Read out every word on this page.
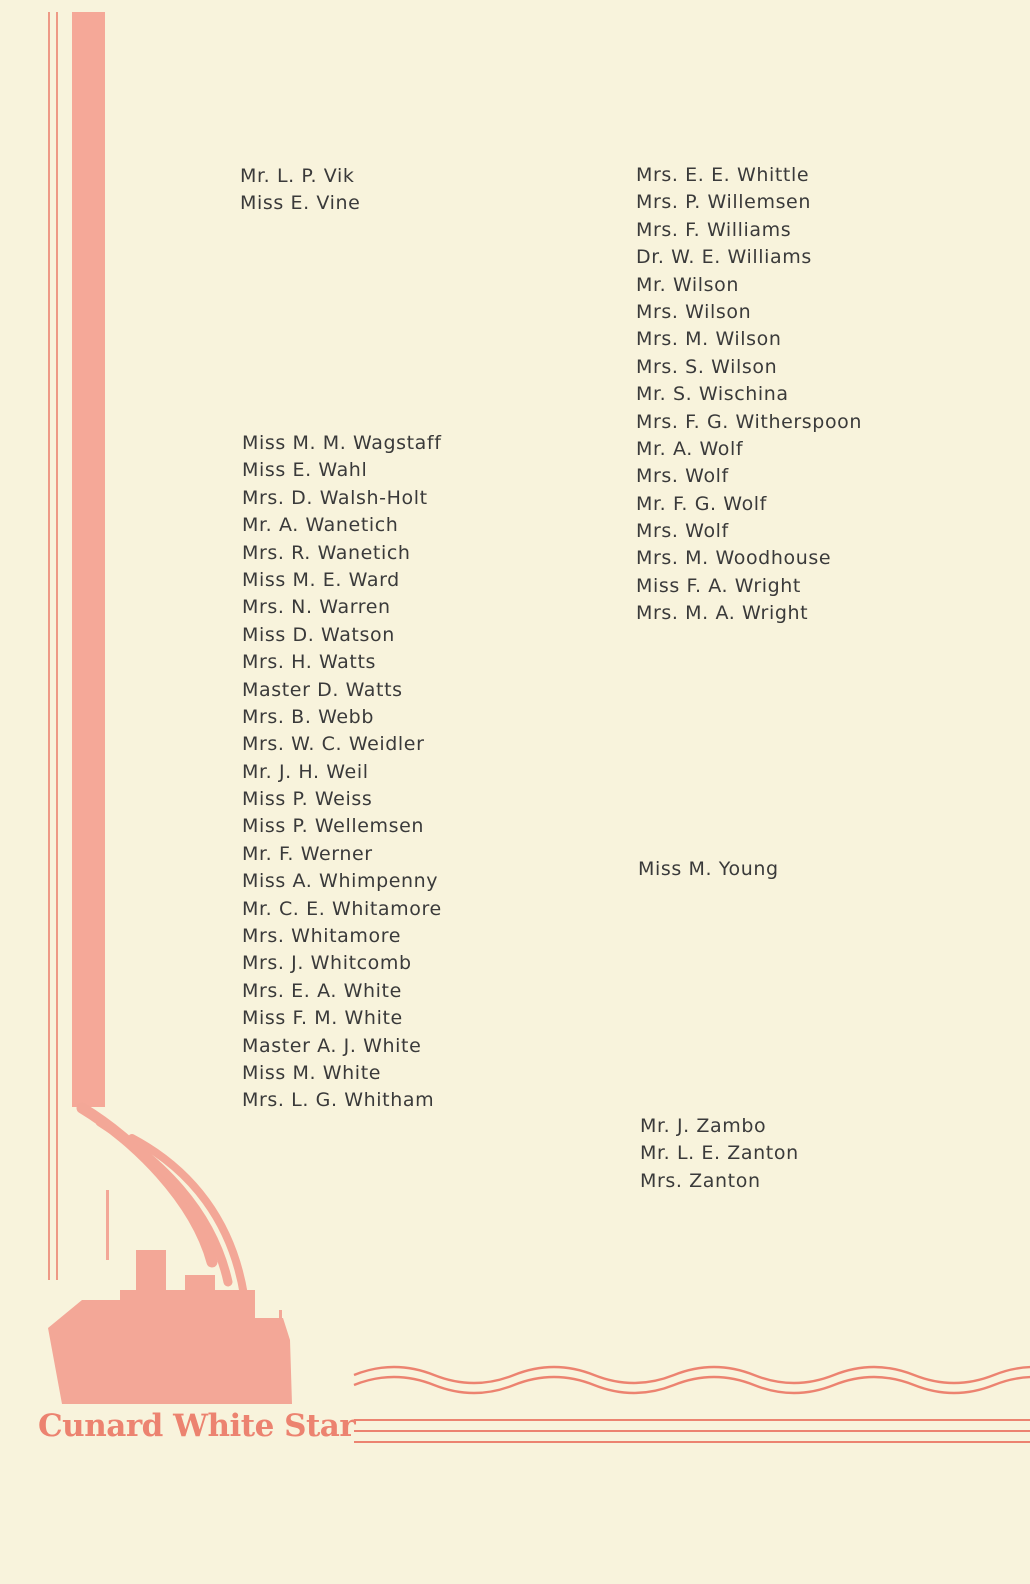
Cunard White Star
Mr. L. P. Vik
Miss E. Vine
Miss M. M. Wagstaff
Miss E. Wahl
Mrs. D. Walsh-Holt
Mr. A. Wanetich
Mrs. R. Wanetich
Miss M. E. Ward
Mrs. N. Warren
Miss D. Watson
Mrs. H. Watts
Master D. Watts
Mrs. B. Webb
Mrs. W. C. Weidler
Mr. J. H. Weil
Miss P. Weiss
Miss P. Wellemsen
Mr. F. Werner
Miss A. Whimpenny
Mr. C. E. Whitamore
Mrs. Whitamore
Mrs. J. Whitcomb
Mrs. E. A. White
Miss F. M. White
Master A. J. White
Miss M. White
Mrs. L. G. Whitham
Mrs. E. E. Whittle
Mrs. P. Willemsen
Mrs. F. Williams
Dr. W. E. Williams
Mr. Wilson
Mrs. Wilson
Mrs. M. Wilson
Mrs. S. Wilson
Mr. S. Wischina
Mrs. F. G. Witherspoon
Mr. A. Wolf
Mrs. Wolf
Mr. F. G. Wolf
Mrs. Wolf
Mrs. M. Woodhouse
Miss F. A. Wright
Mrs. M. A. Wright
Miss M. Young
Mr. J. Zambo
Mr. L. E. Zanton
Mrs. Zanton
